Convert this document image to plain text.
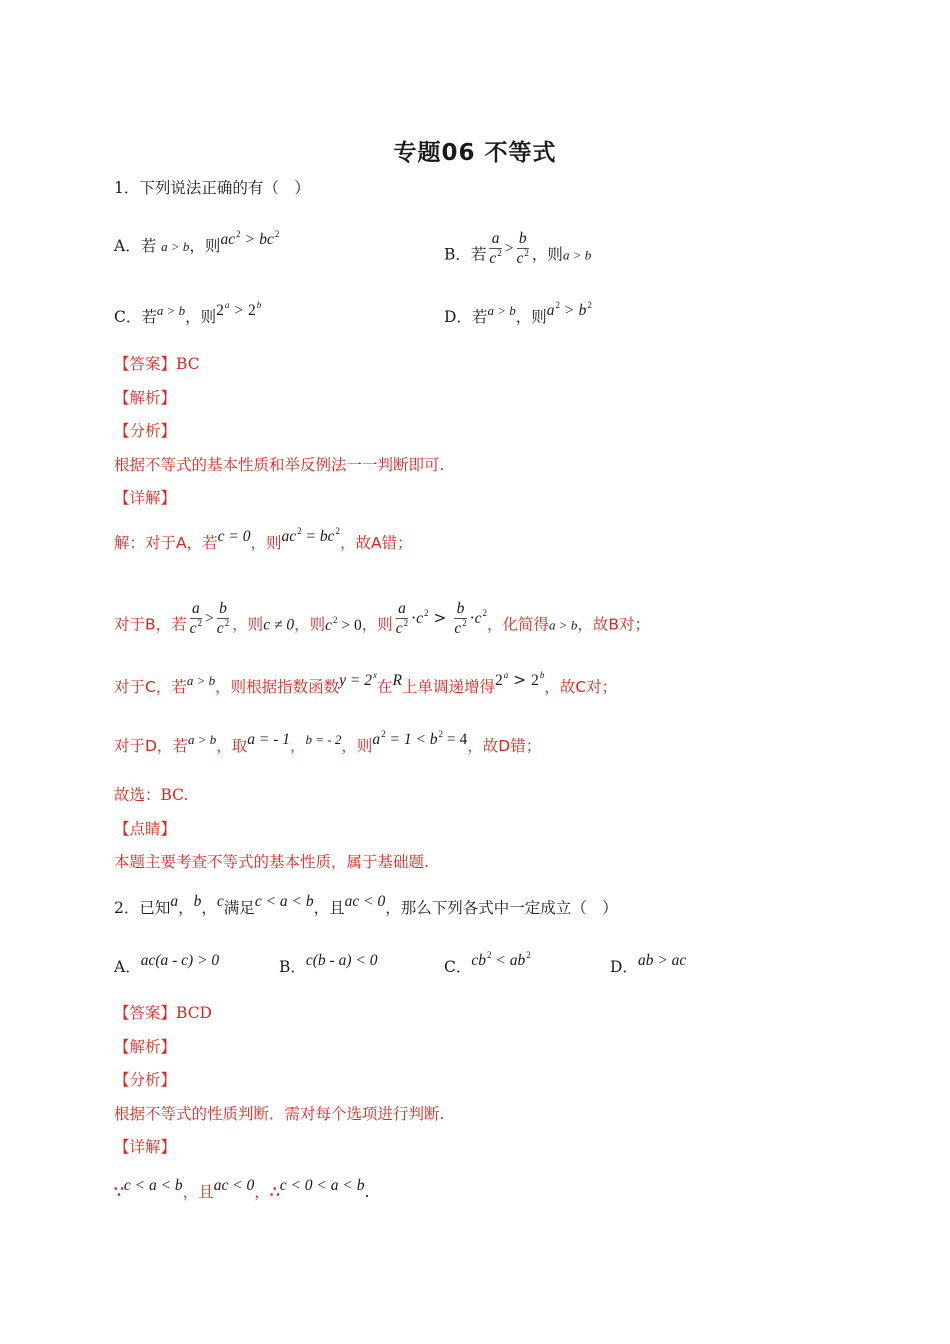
专题06 不等式
1．下列说法正确的有（　）
A．若 a > b，则$ac^2 > bc^2$
B．若 $\frac{a}{c^2} > \frac{b}{c^2}$ ，则a > b
C．若$^{a > b}$，则$2^a > 2^b$
D．若$^{a > b}$，则$a^2 > b^2$
【答案】BC
【解析】
【分析】
根据不等式的基本性质和举反例法一一判断即可.
【详解】
解：对于A，若c = 0，则$ac^2 = bc^2$，故A错；
对于B，若 $\frac{a}{c^2} > \frac{b}{c^2}$ ，则c ≠ 0，则$c^2 > 0$，则 $\frac{a}{c^2} \cdot c^2 > \frac{b}{c^2} \cdot c^2$，化简得a > b，故B对；
对于C，若$^{a > b}$，则根据指数函数$y = 2^x$在R上单调递增得$2^a > 2^b$，故C对；
对于D，若$^{a > b}$，取a = - 1，$^{b = - 2}$，则$a^2 = 1 < b^2 = 4$，故D错；
故选：BC.
【点睛】
本题主要考查不等式的基本性质，属于基础题.
2．已知a，b，c满足c < a < b，且ac < 0，那么下列各式中一定成立（　）
A．ac(a - c) > 0	B．c(b - a) < 0	C．$cb^2 < ab^2$
D．ab > ac
【答案】BCD
【解析】
【分析】
根据不等式的性质判断．需对每个选项进行判断.
【详解】
∵c < a < b，且ac < 0，∴c < 0 < a < b.
